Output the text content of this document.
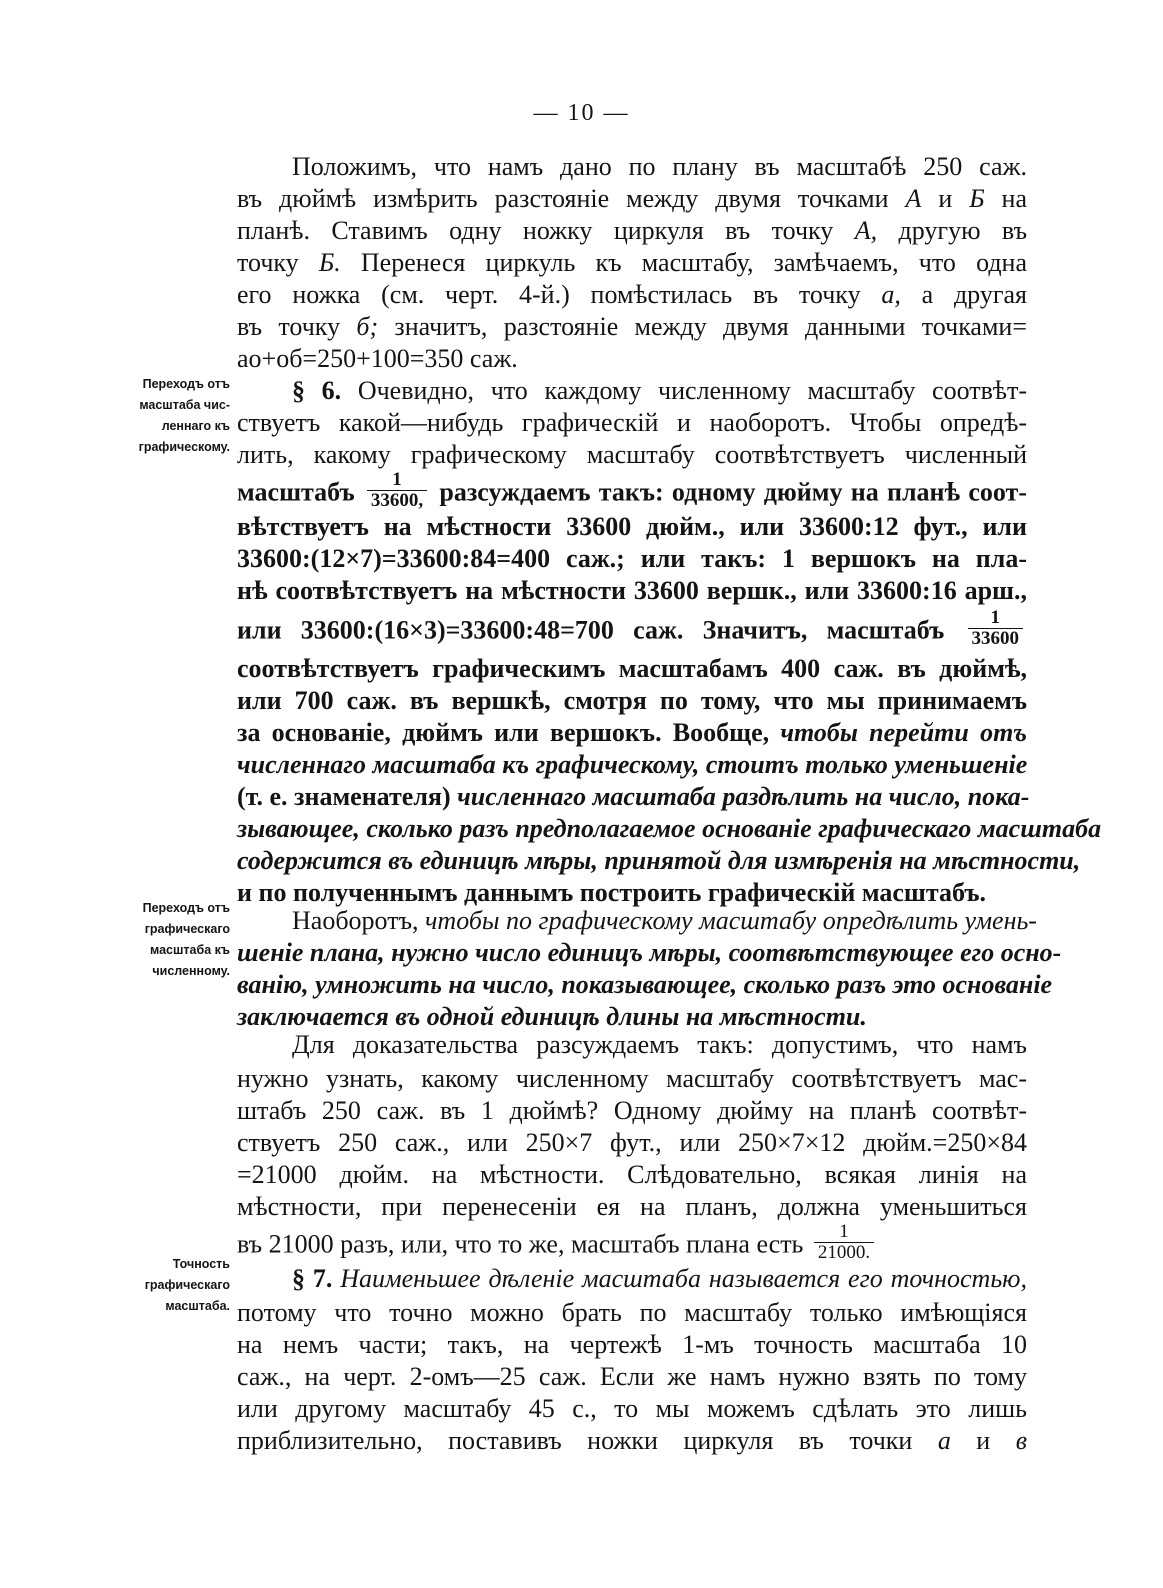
— 10 —
Переходъ отъ
масштаба чис-
леннаго къ
графическому.
Переходъ отъ
графическаго
масштаба къ
численному.
Точность
графическаго
масштаба.
Положимъ, что намъ дано по плану въ масштабѣ 250 саж.
въ дюймѣ измѣрить разстояніе между двумя точками А и Б на
планѣ. Ставимъ одну ножку циркуля въ точку А, другую въ
точку Б. Перенеся циркуль къ масштабу, замѣчаемъ, что одна
его ножка (см. черт. 4-й.) помѣстилась въ точку а, а другая
въ точку б; значитъ, разстояніе между двумя данными точками=
ао+об=250+100=350 саж.
§ 6. Очевидно, что каждому численному масштабу соотвѣт-
ствуетъ какой—нибудь графическій и наоборотъ. Чтобы опредѣ-
лить, какому графическому масштабу соотвѣтствуетъ численный
масштабъ $\frac{1}{33600,}$ разсуждаемъ такъ: одному дюйму на планѣ соот-
вѣтствуетъ на мѣстности 33600 дюйм., или 33600:12 фут., или
33600:(12×7)=33600:84=400 саж.; или такъ: 1 вершокъ на пла-
нѣ соотвѣтствуетъ на мѣстности 33600 вершк., или 33600:16 арш.,
или 33600:(16×3)=33600:48=700 саж. Значитъ, масштабъ $\frac{1}{33600}$
соотвѣтствуетъ графическимъ масштабамъ 400 саж. въ дюймѣ,
или 700 саж. въ вершкѣ, смотря по тому, что мы принимаемъ
за основаніе, дюймъ или вершокъ. Вообще, чтобы перейти отъ
численнаго масштаба къ графическому, стоитъ только уменьшеніе
(т. е. знаменателя) численнаго масштаба раздѣлить на число, пока-
зывающее, сколько разъ предполагаемое основаніе графическаго масштаба
содержится въ единицѣ мѣры, принятой для измѣренія на мѣстности,
и по полученнымъ даннымъ построить графическій масштабъ.
Наоборотъ, чтобы по графическому масштабу опредѣлить умень-
шеніе плана, нужно число единицъ мѣры, соотвѣтствующее его осно-
ванію, умножить на число, показывающее, сколько разъ это основаніе
заключается въ одной единицѣ длины на мѣстности.
Для доказательства разсуждаемъ такъ: допустимъ, что намъ
нужно узнать, какому численному масштабу соотвѣтствуетъ мас-
штабъ 250 саж. въ 1 дюймѣ? Одному дюйму на планѣ соотвѣт-
ствуетъ 250 саж., или 250×7 фут., или 250×7×12 дюйм.=250×84
=21000 дюйм. на мѣстности. Слѣдовательно, всякая линія на
мѣстности, при перенесеніи ея на планъ, должна уменьшиться
въ 21000 разъ, или, что то же, масштабъ плана есть $\frac{1}{21000.}$
§ 7. Наименьшее дѣленіе масштаба называется его точностью,
потому что точно можно брать по масштабу только имѣющіяся
на немъ части; такъ, на чертежѣ 1-мъ точность масштаба 10
саж., на черт. 2-омъ—25 саж. Если же намъ нужно взять по тому
или другому масштабу 45 с., то мы можемъ сдѣлать это лишь
приблизительно, поставивъ ножки циркуля въ точки а и в
